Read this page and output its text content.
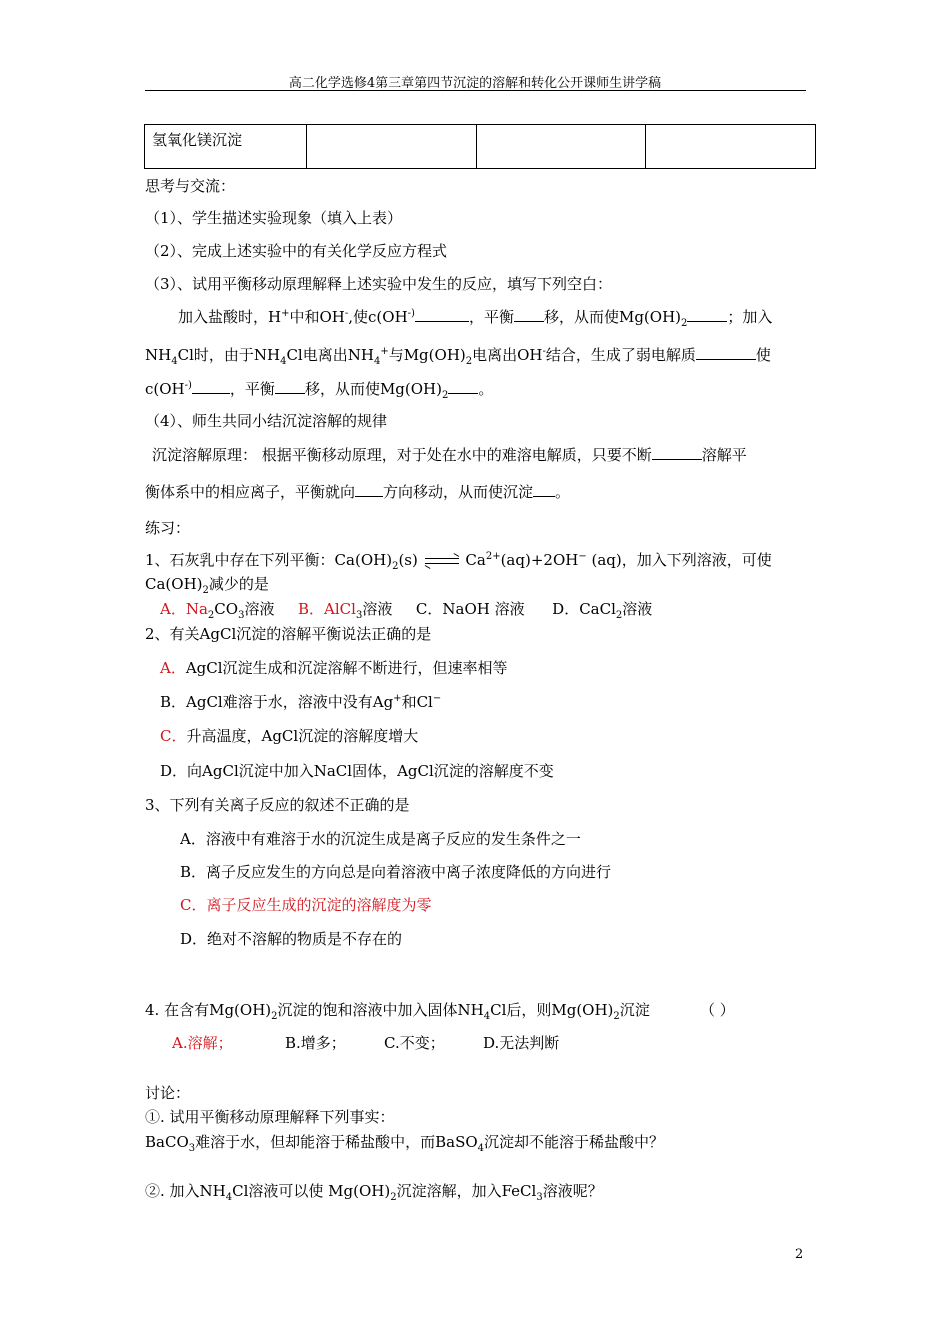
高二化学选修4第三章第四节沉淀的溶解和转化公开课师生讲学稿
氢氧化镁沉淀			
思考与交流：
（1）、学生描述实验现象（填入上表）
（2）、完成上述实验中的有关化学反应方程式
（3）、试用平衡移动原理解释上述实验中发生的反应，填写下列空白：
加入盐酸时，H+中和OH-,使c(OH-)	，平衡 移，从而使$Mg(OH)_2$	；加入
$NH_4Cl$时，由于$NH_4Cl$电离出$NH_4^+$与$Mg(OH)_2$电离出OH-结合，生成了弱电解质	使
c(OH-)	，平衡 移，从而使$Mg(OH)_2$ 。
（4）、师生共同小结沉淀溶解的规律
沉淀溶解原理： 根据平衡移动原理，对于处在水中的难溶电解质，只要不断	溶解平
衡体系中的相应离子，平衡就向 方向移动，从而使沉淀 。
练习：
1、石灰乳中存在下列平衡：$Ca(OH)_2(s)$ ⇌ $Ca^{2+}(aq)+2OH^-$ (aq)，加入下列溶液，可使
$Ca(OH)_2$减少的是
A．$Na_2CO_3$溶液 B．AlCl$_3$溶液 C．NaOH 溶液 D．CaCl$_2$溶液
2、有关AgCl沉淀的溶解平衡说法正确的是
A．AgCl沉淀生成和沉淀溶解不断进行，但速率相等
B．AgCl难溶于水，溶液中没有Ag+和Cl−
C．升高温度，AgCl沉淀的溶解度增大
D．向AgCl沉淀中加入NaCl固体，AgCl沉淀的溶解度不变
3、下列有关离子反应的叙述不正确的是
A．溶液中有难溶于水的沉淀生成是离子反应的发生条件之一
B．离子反应发生的方向总是向着溶液中离子浓度降低的方向进行
C．离子反应生成的沉淀的溶解度为零
D．绝对不溶解的物质是不存在的
4. 在含有$Mg(OH)_2$沉淀的饱和溶液中加入固体$NH_4Cl$后，则$Mg(OH)_2$沉淀	（ ）
A.溶解；	B.增多；	C.不变；	D.无法判断
讨论：
①. 试用平衡移动原理解释下列事实：
BaCO$_3$难溶于水，但却能溶于稀盐酸中，而BaSO$_4$沉淀却不能溶于稀盐酸中？
②. 加入$NH_4Cl$溶液可以使 $Mg(OH)_2$沉淀溶解，加入FeCl$_3$溶液呢？
2
